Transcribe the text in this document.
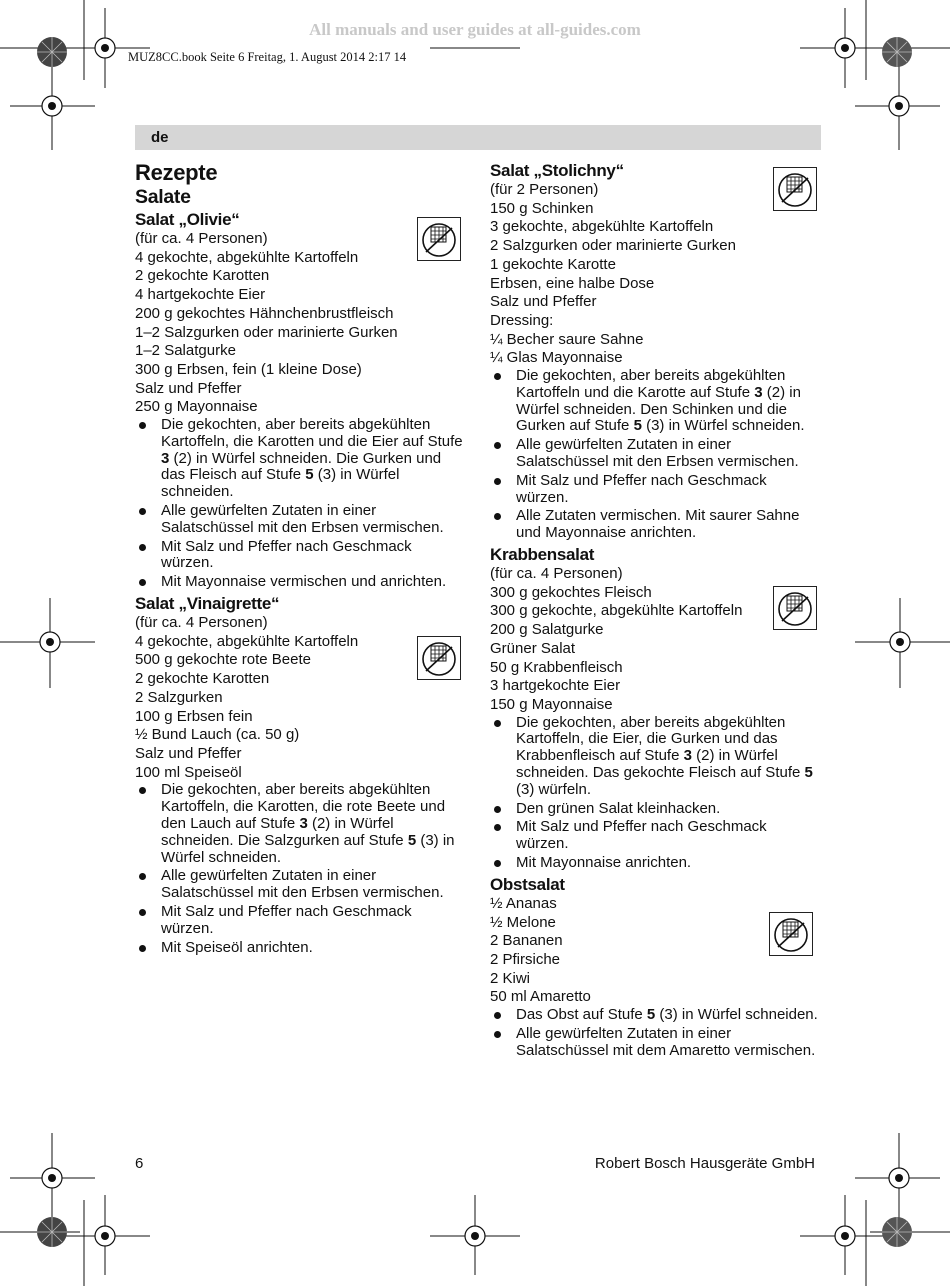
All manuals and user guides at all-guides.com
MUZ8CC.book Seite 6 Freitag, 1. August 2014 2:17 14
de
Rezepte
Salate
Salat „Olivie“
(für ca. 4 Personen)
4 gekochte, abgekühlte Kartoffeln
2 gekochte Karotten
4 hartgekochte Eier
200 g gekochtes Hähnchenbrustfleisch
1–2 Salzgurken oder marinierte Gurken
1–2 Salatgurke
300 g Erbsen, fein (1 kleine Dose)
Salz und Pfeffer
250 g Mayonnaise
Die gekochten, aber bereits abgekühlten Kartoffeln, die Karotten und die Eier auf Stufe 3 (2) in Würfel schneiden. Die Gurken und das Fleisch auf Stufe 5 (3) in Würfel schneiden.
Alle gewürfelten Zutaten in einer Salatschüssel mit den Erbsen vermischen.
Mit Salz und Pfeffer nach Geschmack würzen.
Mit Mayonnaise vermischen und anrichten.
Salat „Vinaigrette“
(für ca. 4 Personen)
4 gekochte, abgekühlte Kartoffeln
500 g gekochte rote Beete
2 gekochte Karotten
2 Salzgurken
100 g Erbsen fein
½ Bund Lauch (ca. 50 g)
Salz und Pfeffer
100 ml Speiseöl
Die gekochten, aber bereits abgekühlten Kartoffeln, die Karotten, die rote Beete und den Lauch auf Stufe 3 (2) in Würfel schneiden. Die Salzgurken auf Stufe 5 (3) in Würfel schneiden.
Alle gewürfelten Zutaten in einer Salatschüssel mit den Erbsen vermischen.
Mit Salz und Pfeffer nach Geschmack würzen.
Mit Speiseöl anrichten.
Salat „Stolichny“
(für 2 Personen)
150 g Schinken
3 gekochte, abgekühlte Kartoffeln
2 Salzgurken oder marinierte Gurken
1 gekochte Karotte
Erbsen, eine halbe Dose
Salz und Pfeffer
Dressing:
¼ Becher saure Sahne
¼ Glas Mayonnaise
Die gekochten, aber bereits abgekühlten Kartoffeln und die Karotte auf Stufe 3 (2) in Würfel schneiden. Den Schinken und die Gurken auf Stufe 5 (3) in Würfel schneiden.
Alle gewürfelten Zutaten in einer Salatschüssel mit den Erbsen vermischen.
Mit Salz und Pfeffer nach Geschmack würzen.
Alle Zutaten vermischen. Mit saurer Sahne und Mayonnaise anrichten.
Krabbensalat
(für ca. 4 Personen)
300 g gekochtes Fleisch
300 g gekochte, abgekühlte Kartoffeln
200 g Salatgurke
Grüner Salat
50 g Krabbenfleisch
3 hartgekochte Eier
150 g Mayonnaise
Die gekochten, aber bereits abgekühlten Kartoffeln, die Eier, die Gurken und das Krabbenfleisch auf Stufe 3 (2) in Würfel schneiden. Das gekochte Fleisch auf Stufe 5 (3) würfeln.
Den grünen Salat kleinhacken.
Mit Salz und Pfeffer nach Geschmack würzen.
Mit Mayonnaise anrichten.
Obstsalat
½ Ananas
½ Melone
2 Bananen
2 Pfirsiche
2 Kiwi
50 ml Amaretto
Das Obst auf Stufe 5 (3) in Würfel schneiden.
Alle gewürfelten Zutaten in einer Salatschüssel mit dem Amaretto vermischen.
6	Robert Bosch Hausgeräte GmbH
